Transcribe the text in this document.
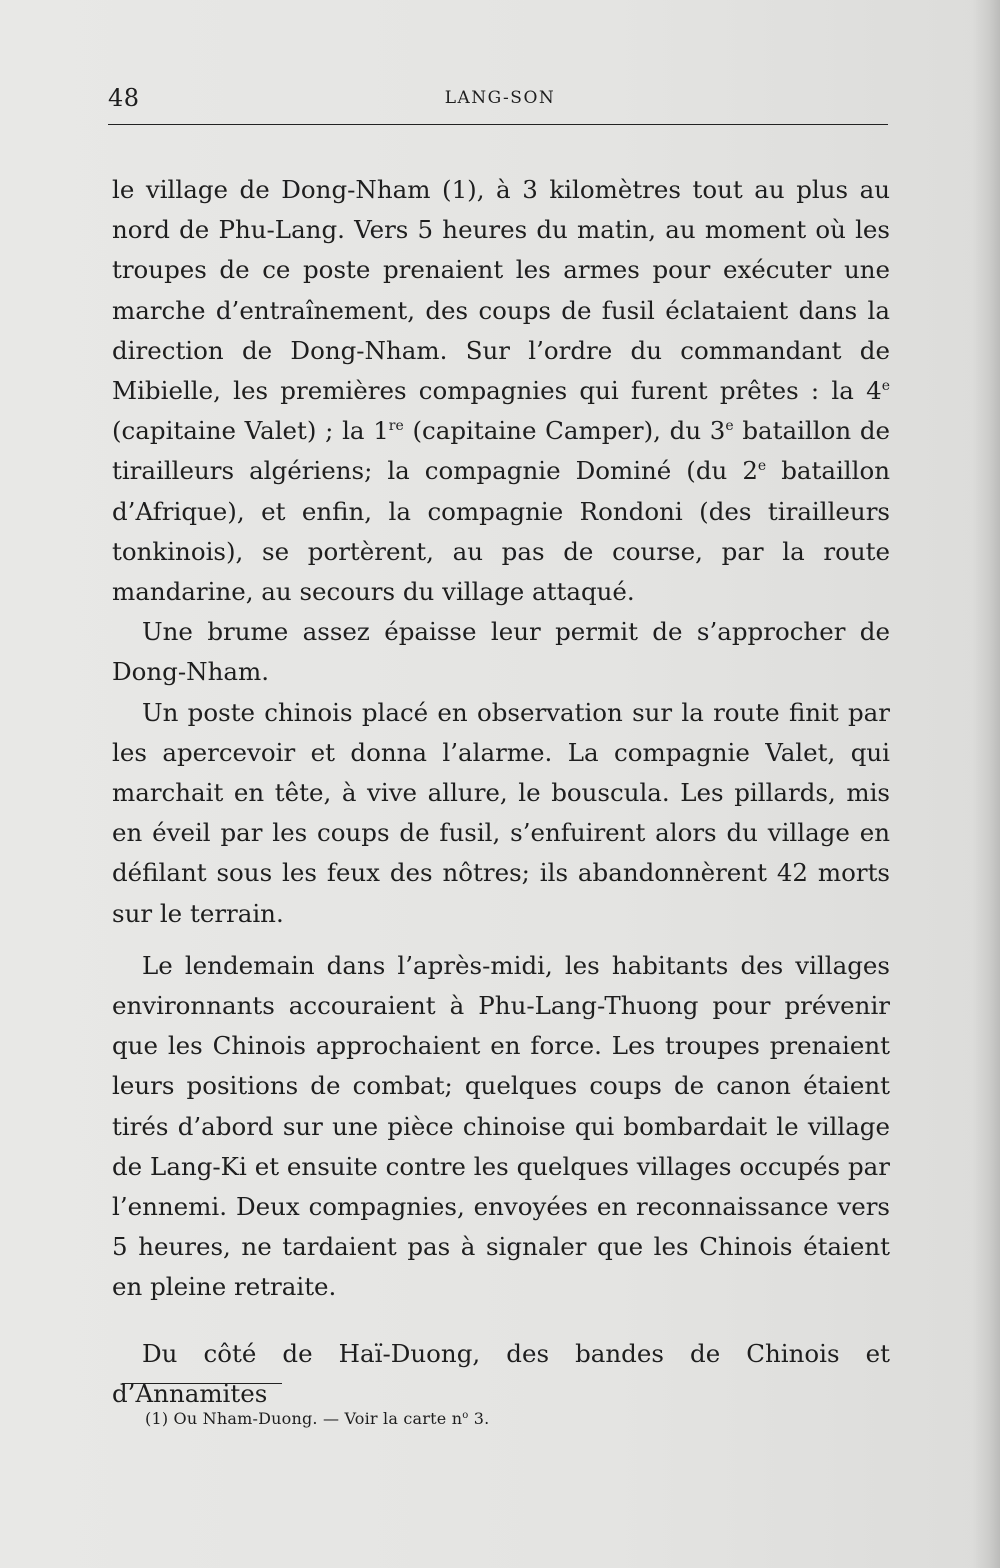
48	LANG-SON

le village de Dong-Nham (1), à 3 kilomètres tout au plus au nord de Phu-Lang. Vers 5 heures du matin, au moment où les troupes de ce poste prenaient les armes pour exécuter une marche d’entraînement, des coups de fusil éclataient dans la direction de Dong-Nham. Sur l’ordre du commandant de Mibielle, les premières compagnies qui furent prêtes : la 4e (capitaine Valet) ; la 1re (capitaine Camper), du 3e bataillon de tirailleurs algériens; la compagnie Dominé (du 2e bataillon d’Afrique), et enfin, la compagnie Rondoni (des tirailleurs tonkinois), se portèrent, au pas de course, par la route mandarine, au secours du village attaqué.

Une brume assez épaisse leur permit de s’approcher de Dong-Nham.

Un poste chinois placé en observation sur la route finit par les apercevoir et donna l’alarme. La compagnie Valet, qui marchait en tête, à vive allure, le bouscula. Les pillards, mis en éveil par les coups de fusil, s’enfuirent alors du village en défilant sous les feux des nôtres; ils abandonnèrent 42 morts sur le terrain.

Le lendemain dans l’après-midi, les habitants des villages environnants accouraient à Phu-Lang-Thuong pour prévenir que les Chinois approchaient en force. Les troupes prenaient leurs positions de combat; quelques coups de canon étaient tirés d’abord sur une pièce chinoise qui bombardait le village de Lang-Ki et ensuite contre les quelques villages occupés par l’ennemi. Deux compagnies, envoyées en reconnaissance vers 5 heures, ne tardaient pas à signaler que les Chinois étaient en pleine retraite.

Du côté de Haï-Duong, des bandes de Chinois et d’Annamites

(1) Ou Nham-Duong. — Voir la carte $n^o$ 3.
